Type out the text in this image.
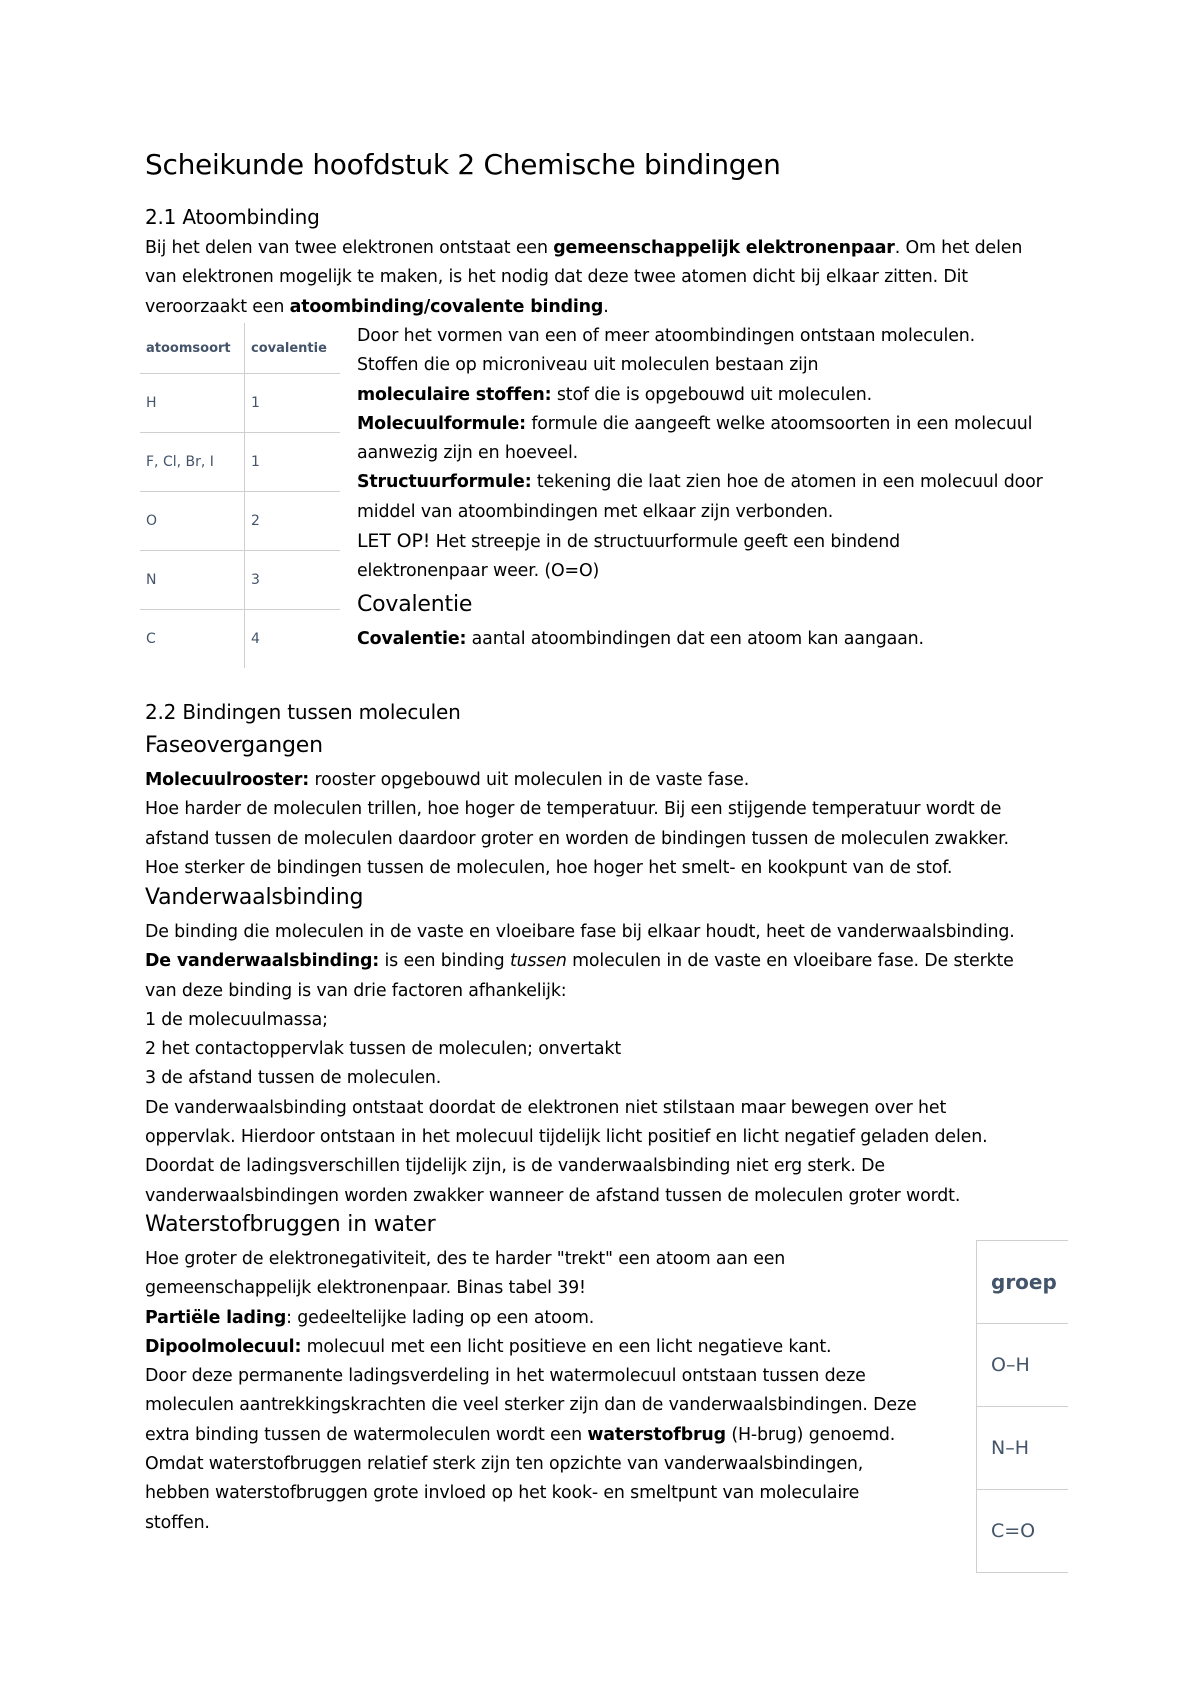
Scheikunde hoofdstuk 2 Chemische bindingen
2.1 Atoombinding
Bij het delen van twee elektronen ontstaat een gemeenschappelijk elektronenpaar. Om het delen
van elektronen mogelijk te maken, is het nodig dat deze twee atomen dicht bij elkaar zitten. Dit
veroorzaakt een atoombinding/covalente binding.
atoomsoort	covalentie
H	1
F, Cl, Br, I	1
O	2
N	3
C	4
Door het vormen van een of meer atoombindingen ontstaan moleculen.
Stoffen die op microniveau uit moleculen bestaan zijn
moleculaire stoffen: stof die is opgebouwd uit moleculen.
Molecuulformule: formule die aangeeft welke atoomsoorten in een molecuul
aanwezig zijn en hoeveel.
Structuurformule: tekening die laat zien hoe de atomen in een molecuul door
middel van atoombindingen met elkaar zijn verbonden.
LET OP! Het streepje in de structuurformule geeft een bindend
elektronenpaar weer. (O=O)
Covalentie
Covalentie: aantal atoombindingen dat een atoom kan aangaan.
2.2 Bindingen tussen moleculen
Faseovergangen
Molecuulrooster: rooster opgebouwd uit moleculen in de vaste fase.
Hoe harder de moleculen trillen, hoe hoger de temperatuur. Bij een stijgende temperatuur wordt de
afstand tussen de moleculen daardoor groter en worden de bindingen tussen de moleculen zwakker.
Hoe sterker de bindingen tussen de moleculen, hoe hoger het smelt- en kookpunt van de stof.
Vanderwaalsbinding
De binding die moleculen in de vaste en vloeibare fase bij elkaar houdt, heet de vanderwaalsbinding.
De vanderwaalsbinding: is een binding tussen moleculen in de vaste en vloeibare fase. De sterkte
van deze binding is van drie factoren afhankelijk:
1 de molecuulmassa;
2 het contactoppervlak tussen de moleculen; onvertakt
3 de afstand tussen de moleculen.
De vanderwaalsbinding ontstaat doordat de elektronen niet stilstaan maar bewegen over het
oppervlak. Hierdoor ontstaan in het molecuul tijdelijk licht positief en licht negatief geladen delen.
Doordat de ladingsverschillen tijdelijk zijn, is de vanderwaalsbinding niet erg sterk. De
vanderwaalsbindingen worden zwakker wanneer de afstand tussen de moleculen groter wordt.
Waterstofbruggen in water
Hoe groter de elektronegativiteit, des te harder "trekt" een atoom aan een
gemeenschappelijk elektronenpaar. Binas tabel 39!
Partiële lading: gedeeltelijke lading op een atoom.
Dipoolmolecuul: molecuul met een licht positieve en een licht negatieve kant.
Door deze permanente ladingsverdeling in het watermolecuul ontstaan tussen deze
moleculen aantrekkingskrachten die veel sterker zijn dan de vanderwaalsbindingen. Deze
extra binding tussen de watermoleculen wordt een waterstofbrug (H-brug) genoemd.
Omdat waterstofbruggen relatief sterk zijn ten opzichte van vanderwaalsbindingen,
hebben waterstofbruggen grote invloed op het kook- en smeltpunt van moleculaire
stoffen.
groep
O–H
N–H
C=O
